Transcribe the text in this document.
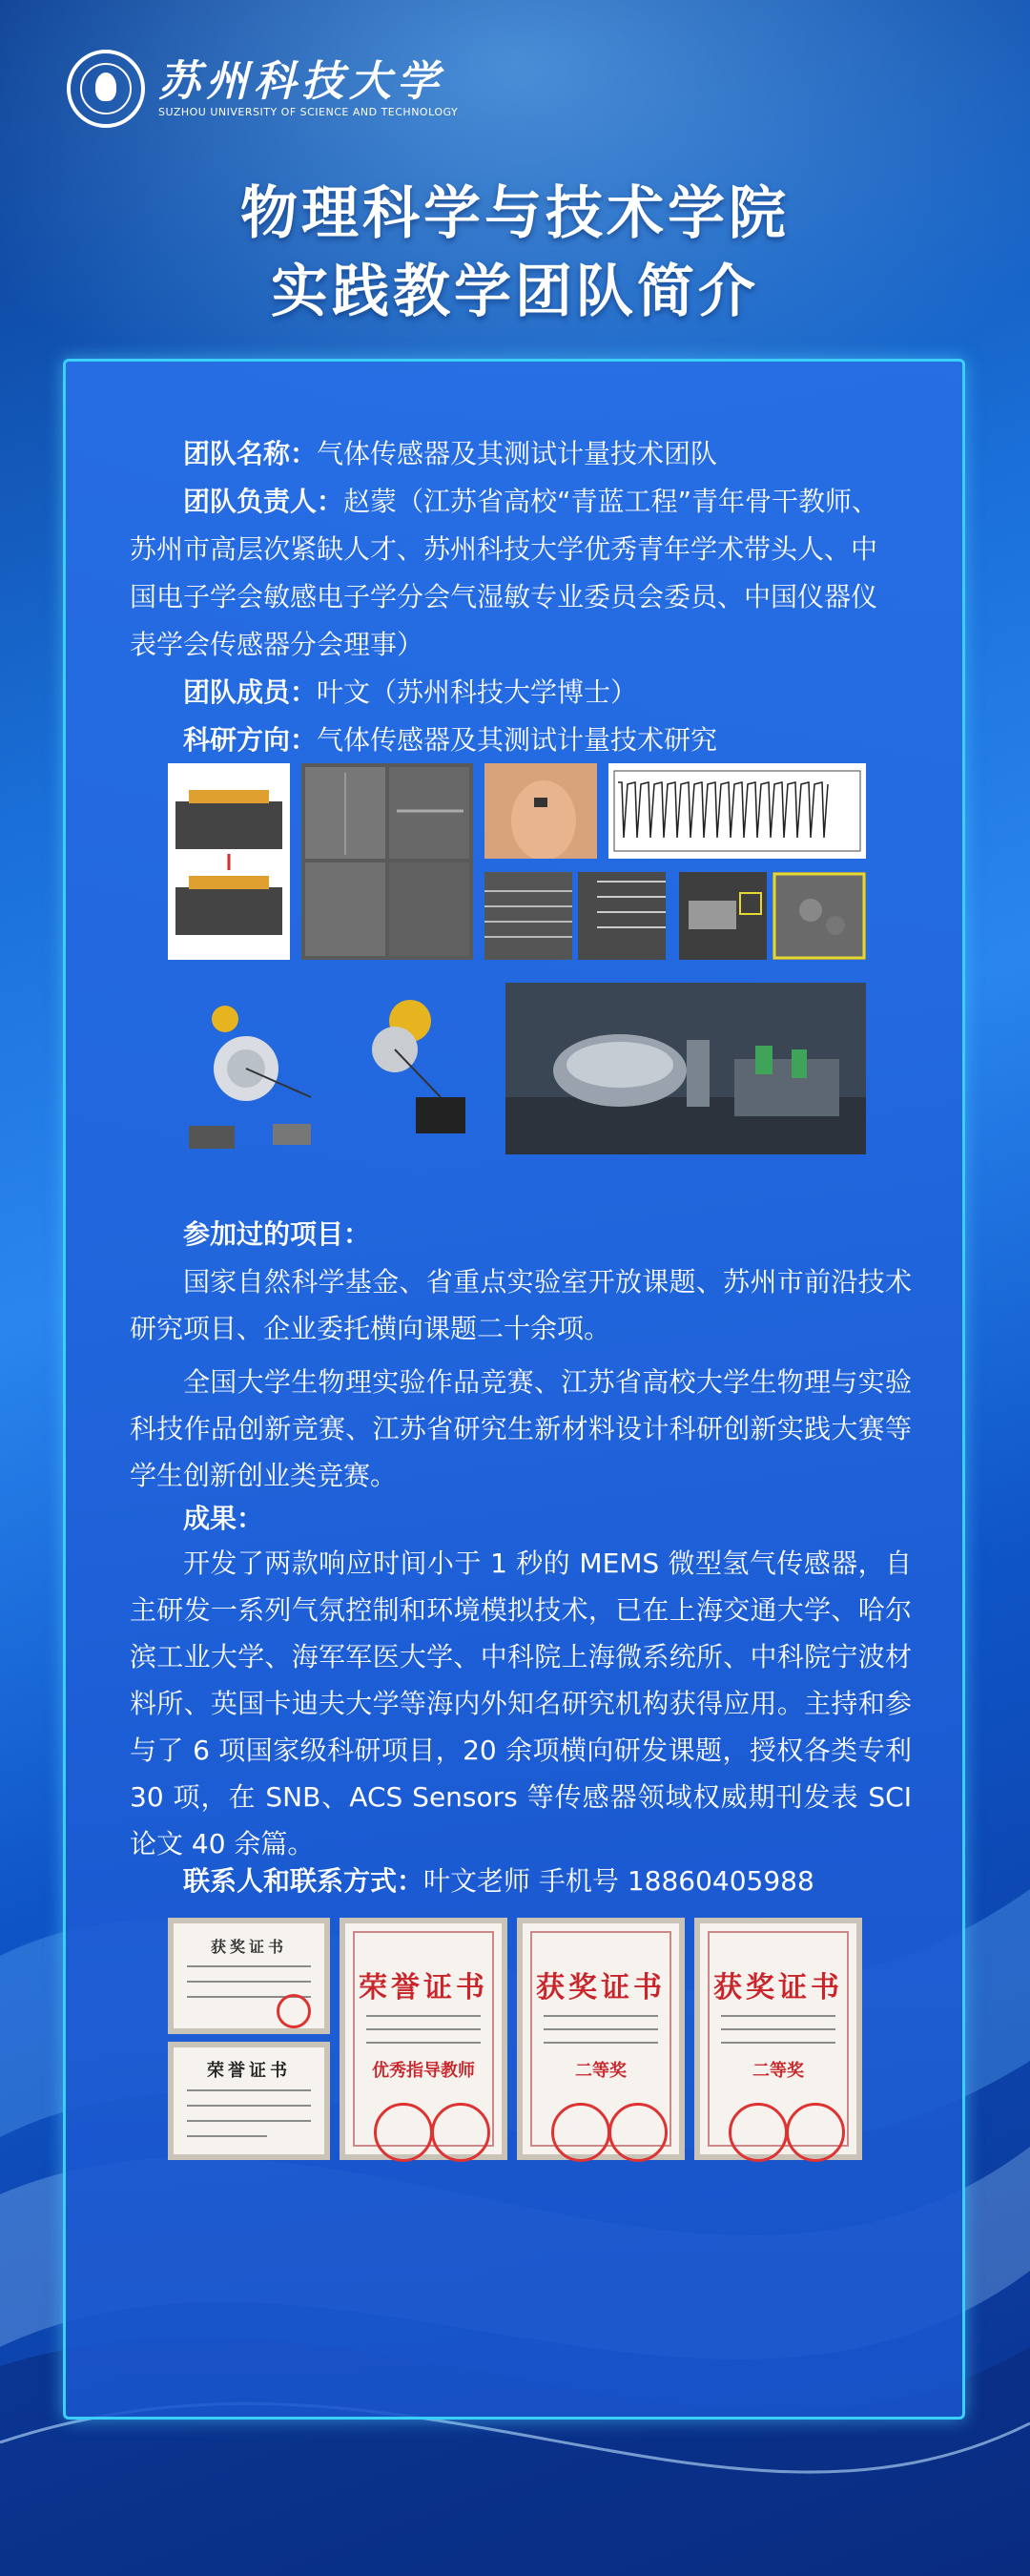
苏州科技大学
SUZHOU UNIVERSITY OF SCIENCE AND TECHNOLOGY
物理科学与技术学院
实践教学团队简介
团队名称：气体传感器及其测试计量技术团队
团队负责人：赵蒙（江苏省高校“青蓝工程”青年骨干教师、
苏州市高层次紧缺人才、苏州科技大学优秀青年学术带头人、中
国电子学会敏感电子学分会气湿敏专业委员会委员、中国仪器仪
表学会传感器分会理事）
团队成员：叶文（苏州科技大学博士）
科研方向：气体传感器及其测试计量技术研究
参加过的项目：
国家自然科学基金、省重点实验室开放课题、苏州市前沿技术研究项目、企业委托横向课题二十余项。
全国大学生物理实验作品竞赛、江苏省高校大学生物理与实验科技作品创新竞赛、江苏省研究生新材料设计科研创新实践大赛等学生创新创业类竞赛。
成果：
开发了两款响应时间小于 1 秒的 MEMS 微型氢气传感器，自主研发一系列气氛控制和环境模拟技术，已在上海交通大学、哈尔滨工业大学、海军军医大学、中科院上海微系统所、中科院宁波材料所、英国卡迪夫大学等海内外知名研究机构获得应用。主持和参与了 6 项国家级科研项目，20 余项横向研发课题，授权各类专利 30 项，在 SNB、ACS Sensors 等传感器领域权威期刊发表 SCI 论文 40 余篇。
联系人和联系方式：叶文老师 手机号 18860405988
获奖证书
荣誉证书
荣誉证书
优秀指导教师
获奖证书
二等奖
获奖证书
二等奖
